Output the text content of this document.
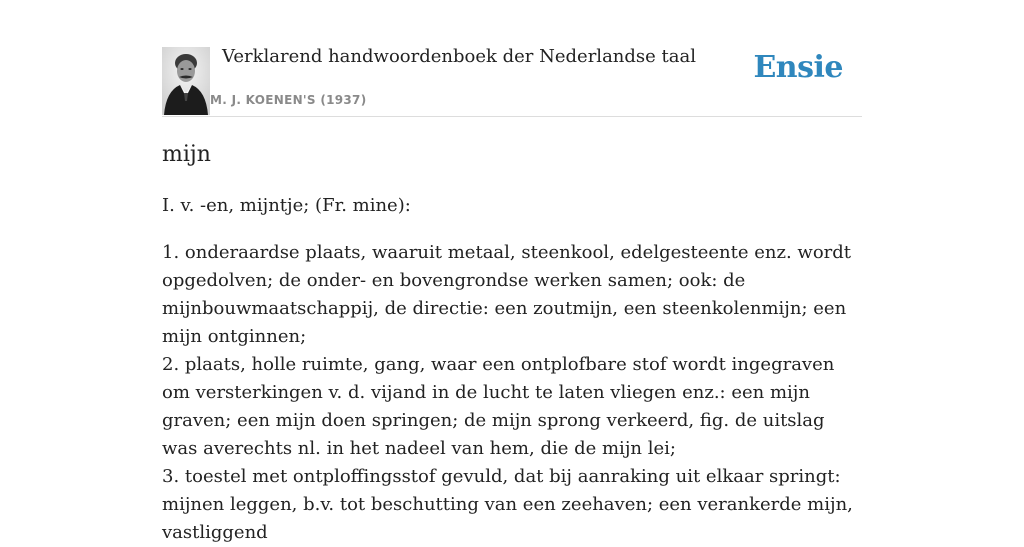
Verklarend handwoordenboek der Nederlandse taal
M. J. KOENEN'S (1937)
Ensie
mijn

I. v. -en, mijntje; (Fr. mine):

1. onderaardse plaats, waaruit metaal, steenkool, edelgesteente enz. wordt opgedolven; de onder- en bovengrondse werken samen; ook: de mijnbouwmaatschappij, de directie: een zoutmijn, een steenkolenmijn; een mijn ontginnen;

2. plaats, holle ruimte, gang, waar een ontplofbare stof wordt ingegraven om versterkingen v. d. vijand in de lucht te laten vliegen enz.: een mijn graven; een mijn doen springen; de mijn sprong verkeerd, fig. de uitslag was averechts nl. in het nadeel van hem, die de mijn lei;

3. toestel met ontploffingsstof gevuld, dat bij aanraking uit elkaar springt: mijnen leggen, b.v. tot beschutting van een zeehaven; een verankerde mijn, vastliggend
